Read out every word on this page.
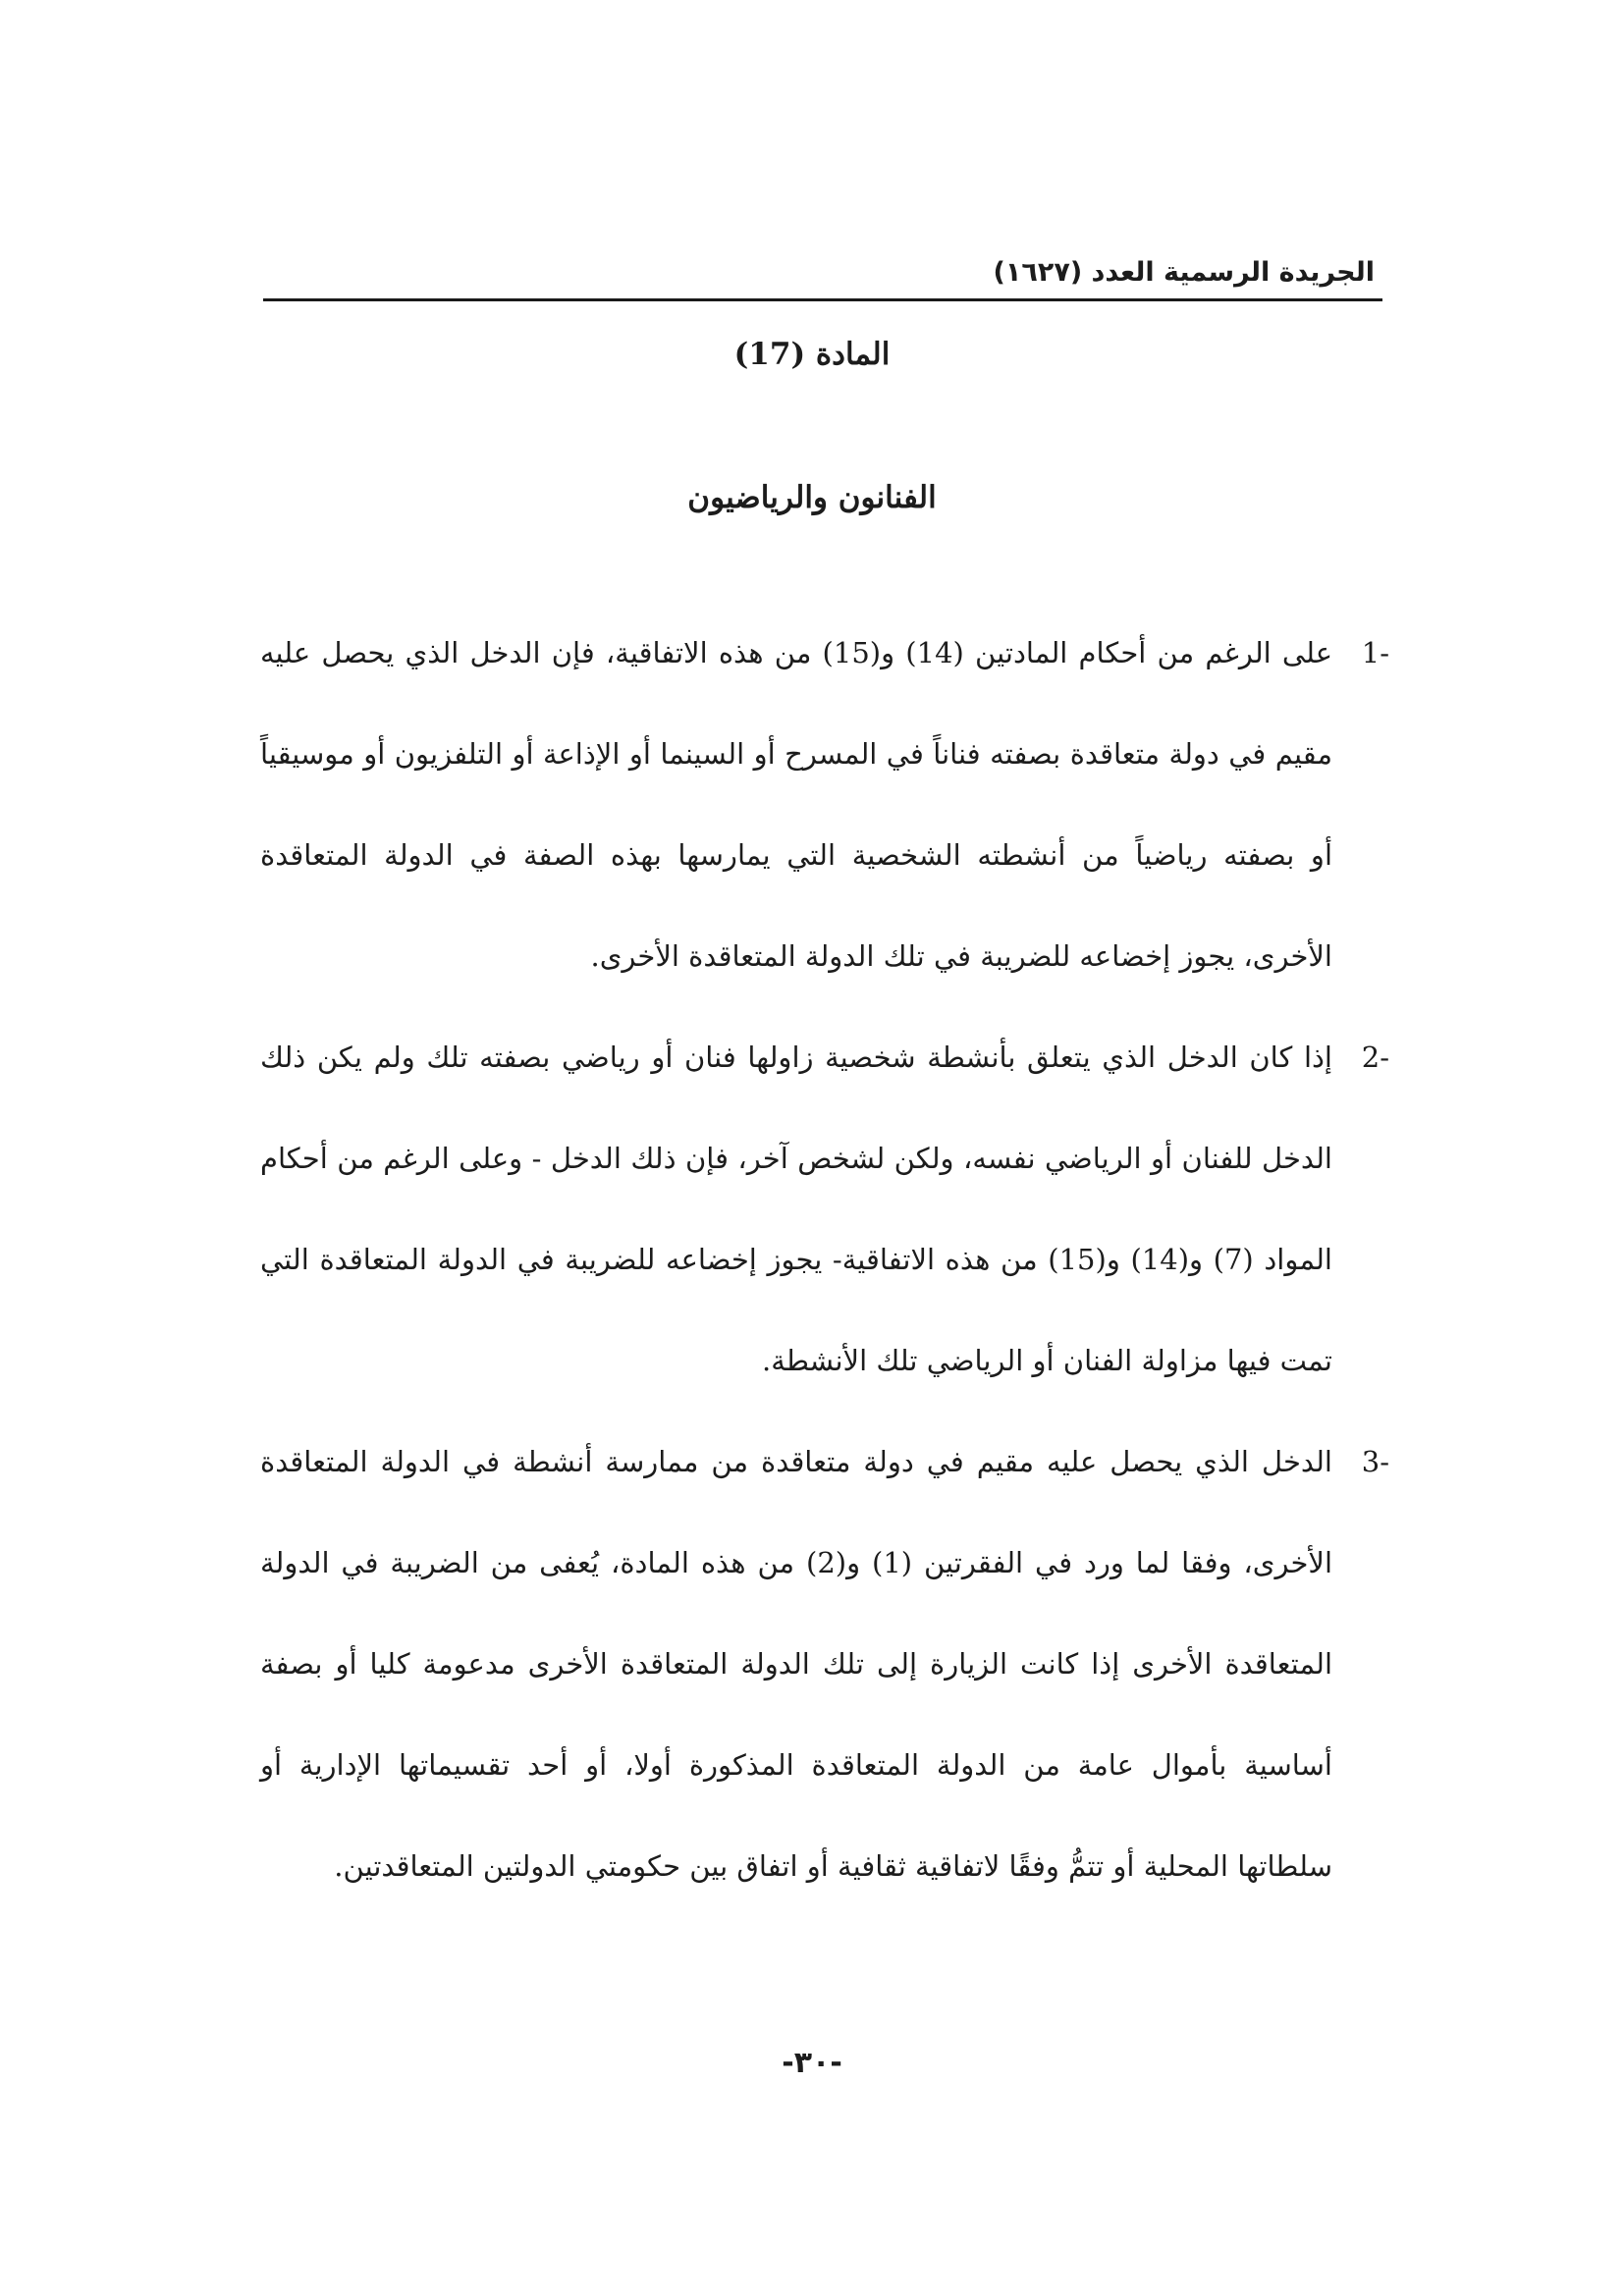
الجريدة الرسمية العدد (١٦٢٧)
المادة (17)
الفنانون والرياضيون
-1
على الرغم من أحكام المادتين (14) و(15) من هذه الاتفاقية، فإن الدخل الذي يحصل عليه مقيم في دولة متعاقدة بصفته فناناً في المسرح أو السينما أو الإذاعة أو التلفزيون أو موسيقياً أو بصفته رياضياً من أنشطته الشخصية التي يمارسها بهذه الصفة في الدولة المتعاقدة الأخرى، يجوز إخضاعه للضريبة في تلك الدولة المتعاقدة الأخرى.
-2
إذا كان الدخل الذي يتعلق بأنشطة شخصية زاولها فنان أو رياضي بصفته تلك ولم يكن ذلك الدخل للفنان أو الرياضي نفسه، ولكن لشخص آخر، فإن ذلك الدخل - وعلى الرغم من أحكام المواد (7) و(14) و(15) من هذه الاتفاقية- يجوز إخضاعه للضريبة في الدولة المتعاقدة التي تمت فيها مزاولة الفنان أو الرياضي تلك الأنشطة.
-3
الدخل الذي يحصل عليه مقيم في دولة متعاقدة من ممارسة أنشطة في الدولة المتعاقدة الأخرى، وفقا لما ورد في الفقرتين (1) و(2) من هذه المادة، يُعفى من الضريبة في الدولة المتعاقدة الأخرى إذا كانت الزيارة إلى تلك الدولة المتعاقدة الأخرى مدعومة كليا أو بصفة أساسية بأموال عامة من الدولة المتعاقدة المذكورة أولا، أو أحد تقسيماتها الإدارية أو سلطاتها المحلية أو تتمُّ وفقًا لاتفاقية ثقافية أو اتفاق بين حكومتي الدولتين المتعاقدتين.
-٣٠-
